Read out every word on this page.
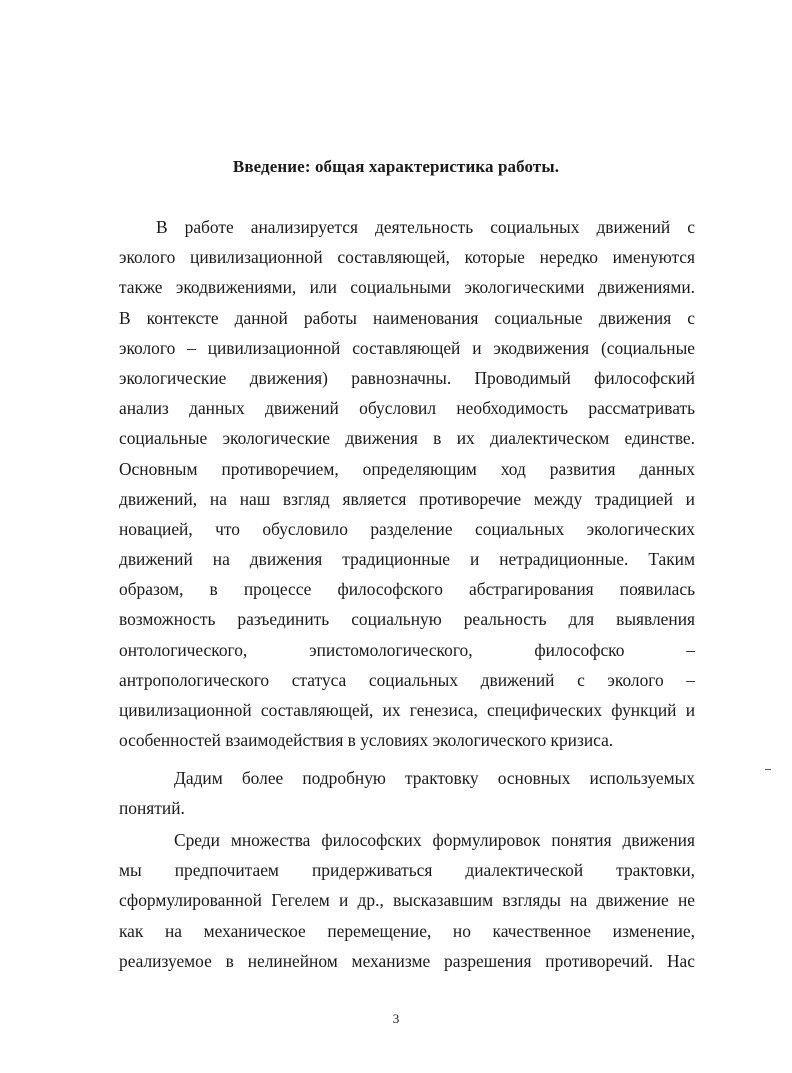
Введение: общая характеристика работы.
В работе анализируется деятельность социальных движений с
эколого цивилизационной составляющей, которые нередко именуются
также экодвижениями, или социальными экологическими движениями.
В контексте данной работы наименования социальные движения с
эколого – цивилизационной составляющей и экодвижения (социальные
экологические движения) равнозначны. Проводимый философский
анализ данных движений обусловил необходимость рассматривать
социальные экологические движения в их диалектическом единстве.
Основным противоречием, определяющим ход развития данных
движений, на наш взгляд является противоречие между традицией и
новацией, что обусловило разделение социальных экологических
движений на движения традиционные и нетрадиционные. Таким
образом, в процессе философского абстрагирования появилась
возможность разъединить социальную реальность для выявления
онтологического, эпистомологического, философско –
антропологического статуса социальных движений с эколого –
цивилизационной составляющей, их генезиса, специфических функций и
особенностей взаимодействия в условиях экологического кризиса.
Дадим более подробную трактовку основных используемых
понятий.
Среди множества философских формулировок понятия движения
мы предпочитаем придерживаться диалектической трактовки,
сформулированной Гегелем и др., высказавшим взгляды на движение не
как на механическое перемещение, но качественное изменение,
реализуемое в нелинейном механизме разрешения противоречий. Нас
3
